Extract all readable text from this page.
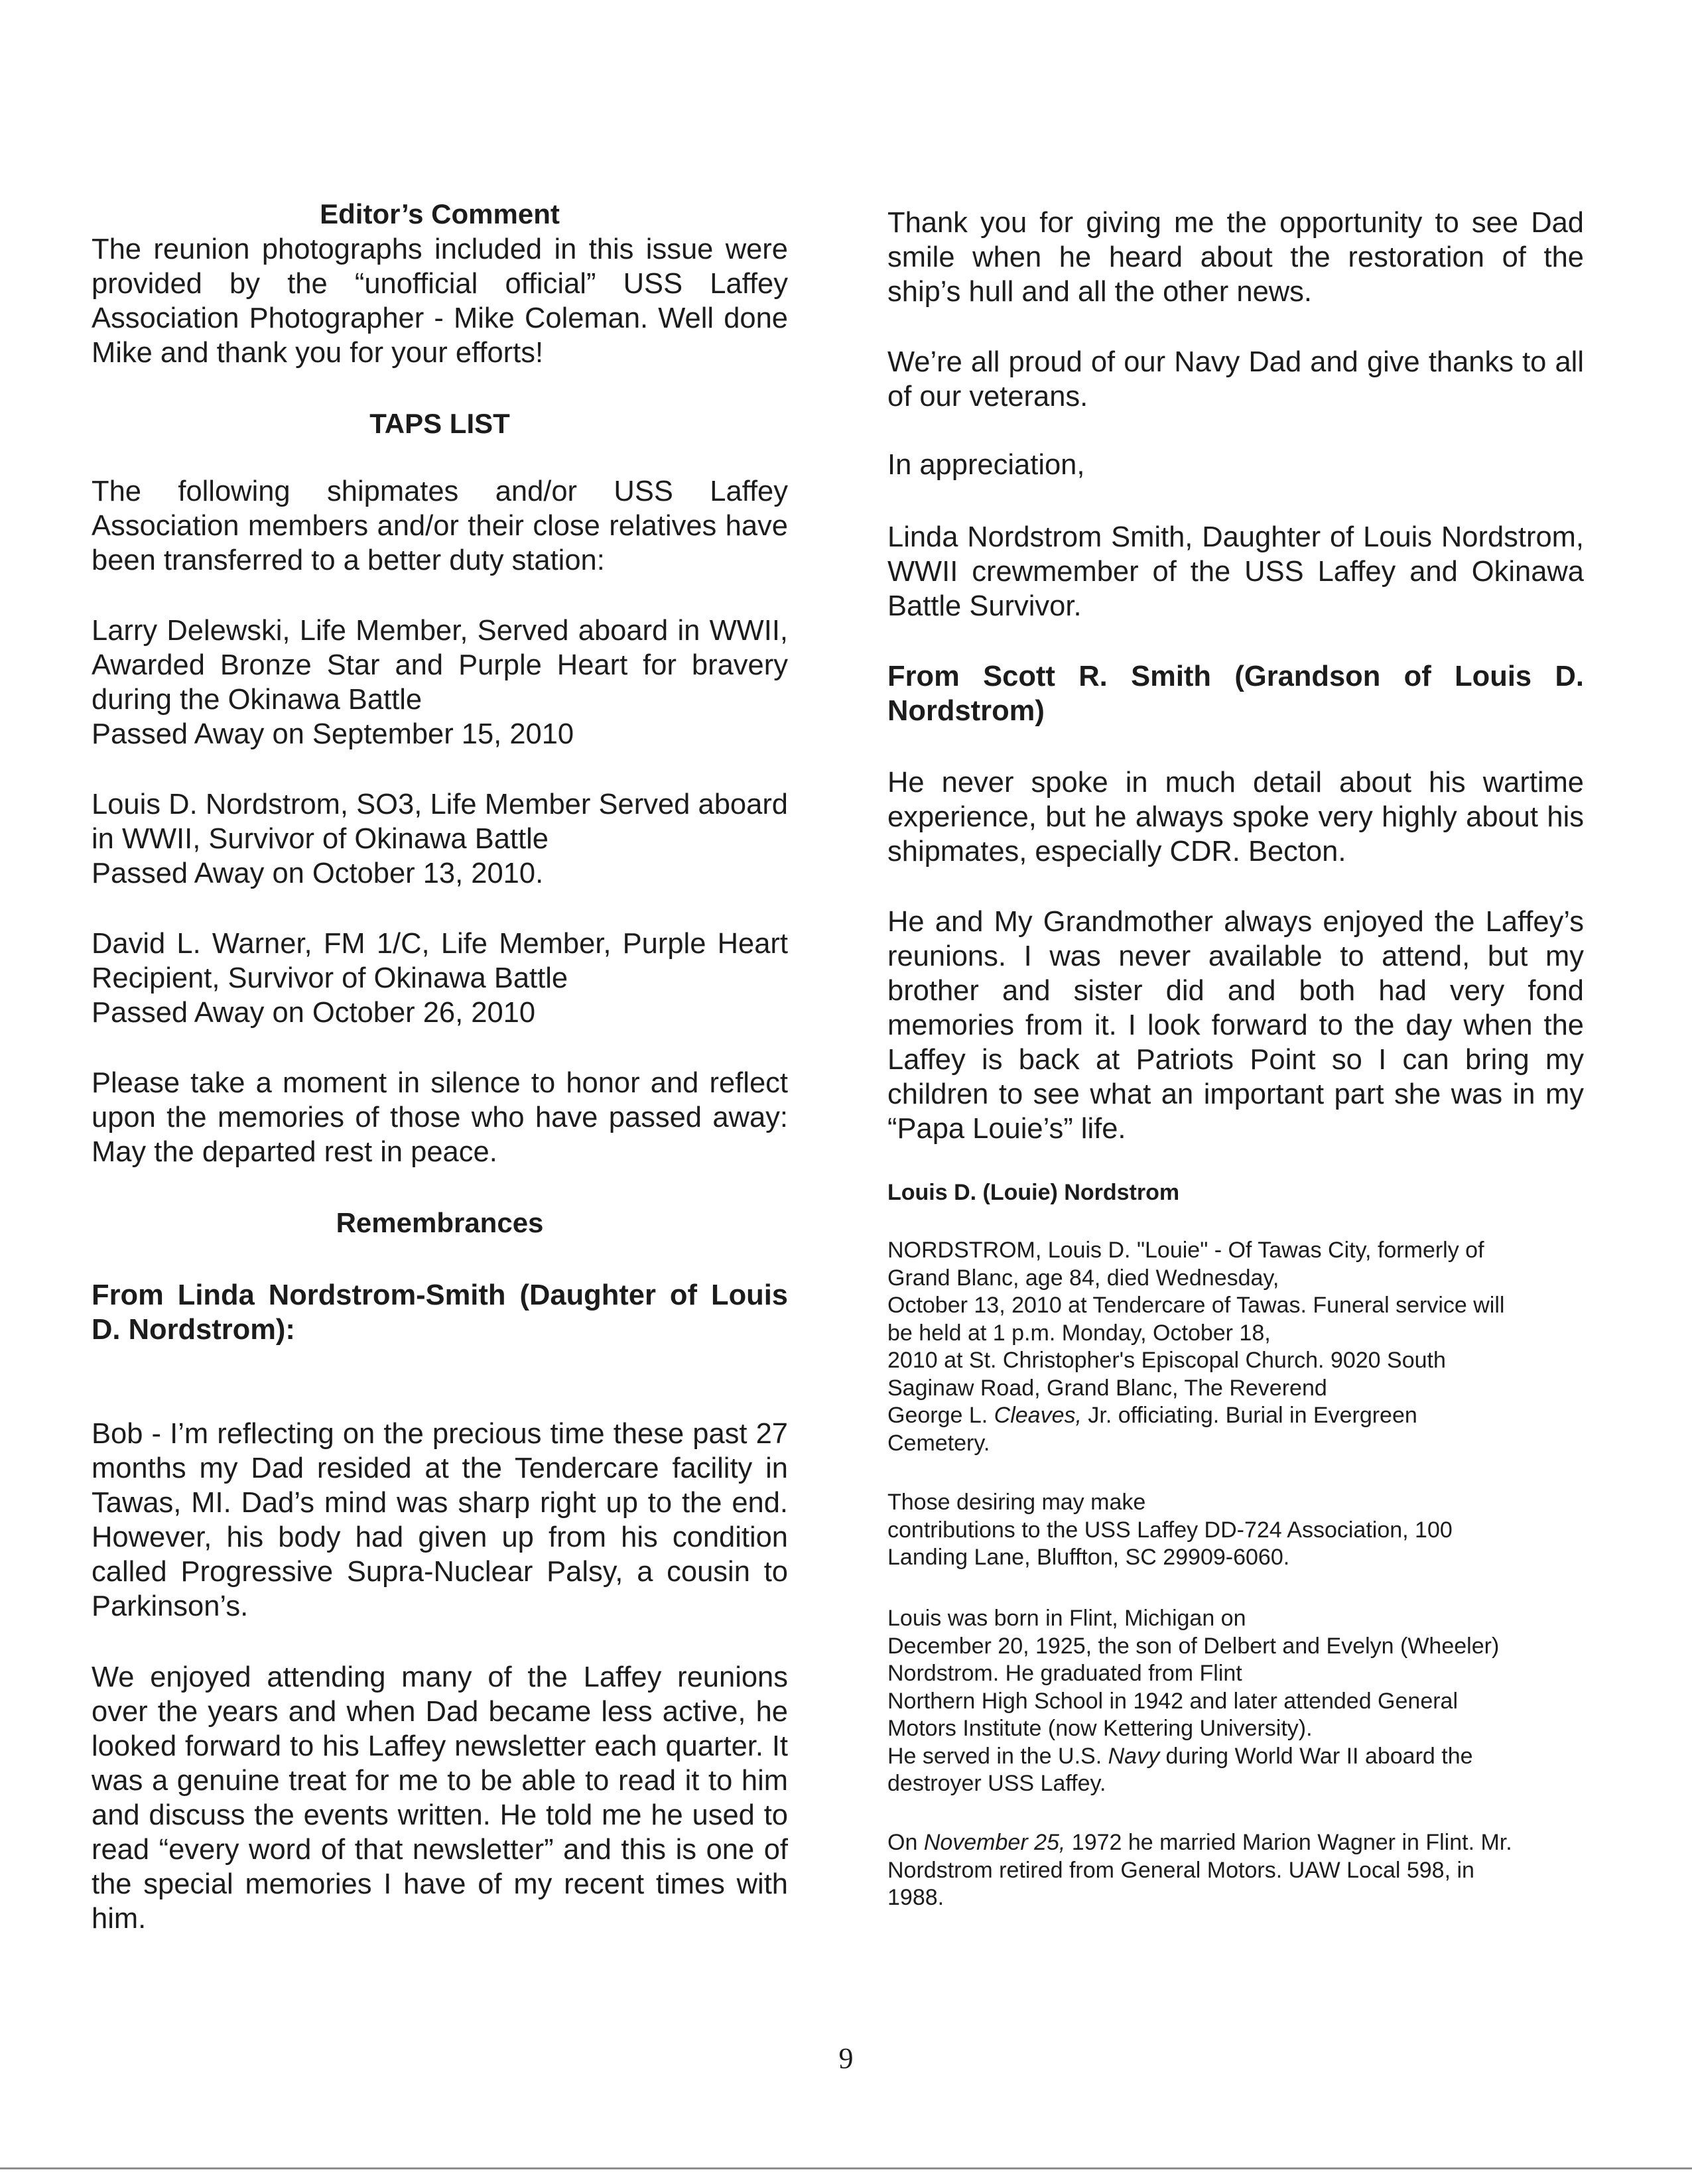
Editor’s Comment

The reunion photographs included in this issue were provided by the “unofficial official” USS Laffey Association Photographer - Mike Coleman. Well done Mike and thank you for your efforts!

TAPS LIST

The following shipmates and/or USS Laffey Association members and/or their close relatives have been transferred to a better duty station:

Larry Delewski, Life Member, Served aboard in WWII, Awarded Bronze Star and Purple Heart for bravery during the Okinawa Battle

Passed Away on September 15, 2010

Louis D. Nordstrom, SO3, Life Member Served aboard in WWII, Survivor of Okinawa Battle

Passed Away on October 13, 2010.

David L. Warner, FM 1/C, Life Member, Purple Heart Recipient, Survivor of Okinawa Battle

Passed Away on October 26, 2010

Please take a moment in silence to honor and reflect upon the memories of those who have passed away: May the departed rest in peace.

Remembrances
From Linda Nordstrom-Smith (Daughter of Louis D. Nordstrom):

Bob - I’m reflecting on the precious time these past 27 months my Dad resided at the Tendercare facility in Tawas, MI. Dad’s mind was sharp right up to the end. However, his body had given up from his condition called Progressive Supra-Nuclear Palsy, a cousin to Parkinson’s.

We enjoyed attending many of the Laffey reunions over the years and when Dad became less active, he looked forward to his Laffey newsletter each quarter. It was a genuine treat for me to be able to read it to him and discuss the events written. He told me he used to read “every word of that newsletter” and this is one of the special memories I have of my recent times with him.

Thank you for giving me the opportunity to see Dad smile when he heard about the restoration of the ship’s hull and all the other news.

We’re all proud of our Navy Dad and give thanks to all of our veterans.

In appreciation,

Linda Nordstrom Smith, Daughter of Louis Nordstrom, WWII crewmember of the USS Laffey and Okinawa Battle Survivor.

From Scott R. Smith (Grandson of Louis D. Nordstrom)

He never spoke in much detail about his wartime experience, but he always spoke very highly about his shipmates, especially CDR. Becton.

He and My Grandmother always enjoyed the Laffey’s reunions. I was never available to attend, but my brother and sister did and both had very fond memories from it. I look forward to the day when the Laffey is back at Patriots Point so I can bring my children to see what an important part she was in my “Papa Louie’s” life.

Louis D. (Louie) Nordstrom
NORDSTROM, Louis D. "Louie" - Of Tawas City, formerly of
Grand Blanc, age 84, died Wednesday,
October 13, 2010 at Tendercare of Tawas. Funeral service will
be held at 1 p.m. Monday, October 18,
2010 at St. Christopher's Episcopal Church. 9020 South
Saginaw Road, Grand Blanc, The Reverend
George L. Cleaves, Jr. officiating. Burial in Evergreen
Cemetery.
Those desiring may make
contributions to the USS Laffey DD-724 Association, 100
Landing Lane, Bluffton, SC 29909-6060.
Louis was born in Flint, Michigan on
December 20, 1925, the son of Delbert and Evelyn (Wheeler)
Nordstrom. He graduated from Flint
Northern High School in 1942 and later attended General
Motors Institute (now Kettering University).
He served in the U.S. Navy during World War II aboard the
destroyer USS Laffey.
On November 25, 1972 he married Marion Wagner in Flint. Mr.
Nordstrom retired from General Motors. UAW Local 598, in
1988.
9
